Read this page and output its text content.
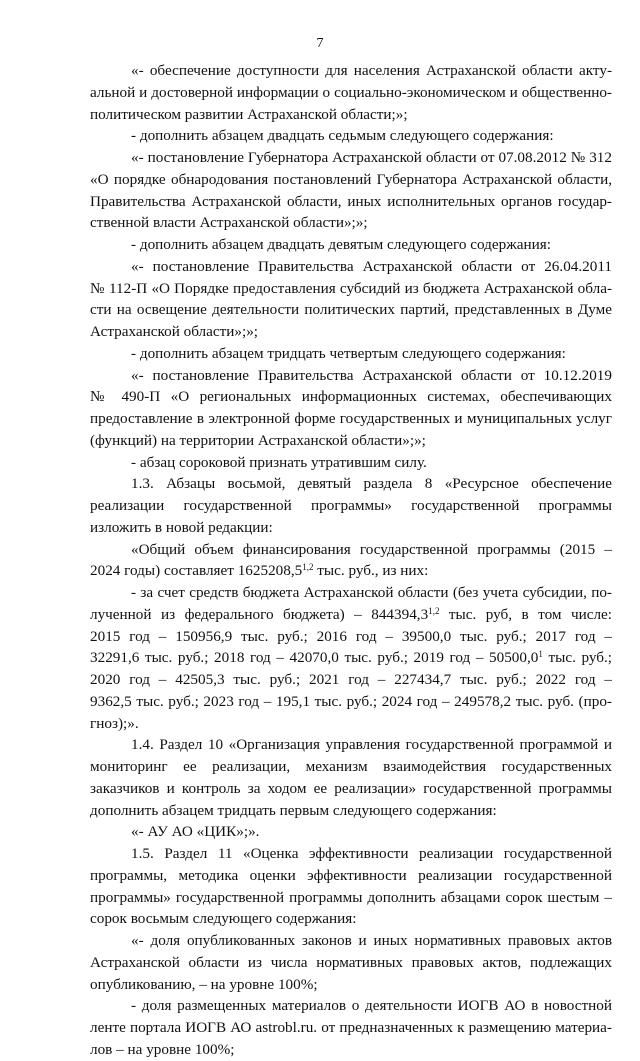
7
«- обеспечение доступности для населения Астраханской области акту-
альной и достоверной информации о социально-экономическом и общественно-
политическом развитии Астраханской области;»;
- дополнить абзацем двадцать седьмым следующего содержания:
«- постановление Губернатора Астраханской области от 07.08.2012 № 312
«О порядке обнародования постановлений Губернатора Астраханской области,
Правительства Астраханской области, иных исполнительных органов государ-
ственной власти Астраханской области»;»;
- дополнить абзацем двадцать девятым следующего содержания:
«- постановление Правительства Астраханской области от 26.04.2011
№ 112-П «О Порядке предоставления субсидий из бюджета Астраханской обла-
сти на освещение деятельности политических партий, представленных в Думе
Астраханской области»;»;
- дополнить абзацем тридцать четвертым следующего содержания:
«- постановление Правительства Астраханской области от 10.12.2019
№ 490-П «О региональных информационных системах, обеспечивающих
предоставление в электронной форме государственных и муниципальных услуг
(функций) на территории Астраханской области»;»;
- абзац сороковой признать утратившим силу.
1.3. Абзацы восьмой, девятый раздела 8 «Ресурсное обеспечение
реализации государственной программы» государственной программы
изложить в новой редакции:
«Общий объем финансирования государственной программы (2015 –
2024 годы) составляет 1625208,5$^{1,2}$ тыс. руб., из них:
- за счет средств бюджета Астраханской области (без учета субсидии, по-
лученной из федерального бюджета) – 844394,3$^{1,2}$ тыс. руб, в том числе:
2015 год – 150956,9 тыс. руб.; 2016 год – 39500,0 тыс. руб.; 2017 год –
32291,6 тыс. руб.; 2018 год – 42070,0 тыс. руб.; 2019 год – 50500,0$^1$ тыс. руб.;
2020 год – 42505,3 тыс. руб.; 2021 год – 227434,7 тыс. руб.; 2022 год –
9362,5 тыс. руб.; 2023 год – 195,1 тыс. руб.; 2024 год – 249578,2 тыс. руб. (про-
гноз);».
1.4. Раздел 10 «Организация управления государственной программой и
мониторинг ее реализации, механизм взаимодействия государственных
заказчиков и контроль за ходом ее реализации» государственной программы
дополнить абзацем тридцать первым следующего содержания:
«- АУ АО «ЦИК»;».
1.5. Раздел 11 «Оценка эффективности реализации государственной
программы, методика оценки эффективности реализации государственной
программы» государственной программы дополнить абзацами сорок шестым –
сорок восьмым следующего содержания:
«- доля опубликованных законов и иных нормативных правовых актов
Астраханской области из числа нормативных правовых актов, подлежащих
опубликованию, – на уровне 100%;
- доля размещенных материалов о деятельности ИОГВ АО в новостной
ленте портала ИОГВ АО astrobl.ru. от предназначенных к размещению материа-
лов – на уровне 100%;
